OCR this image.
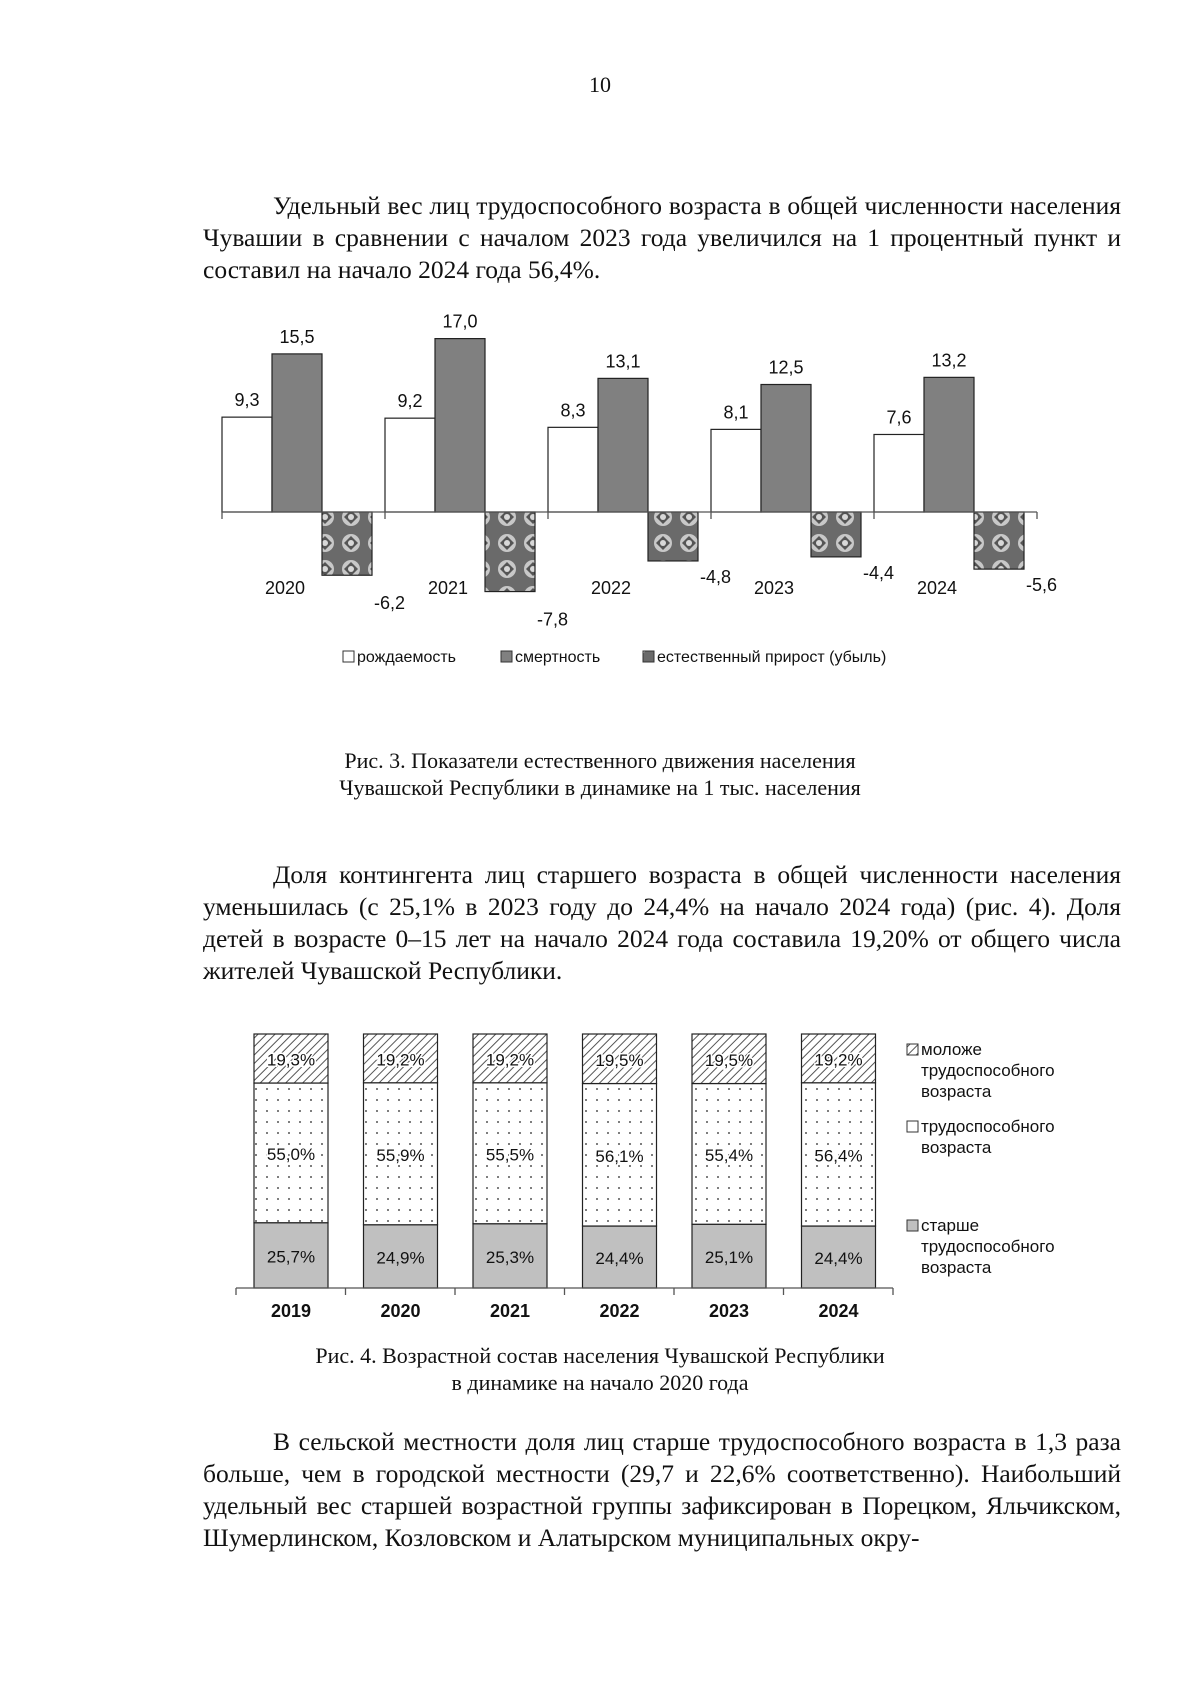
10

Удельный вес лиц трудоспособного возраста в общей численности населения Чувашии в сравнении с началом 2023 года увеличился на 1 процентный пункт и составил на начало 2024 года 56,4%.

9,3
15,5
-6,2
2020
9,2
17,0
-7,8
2021
8,3
13,1
-4,8
2022
8,1
12,5
-4,4
2023
7,6
13,2
-5,6
2024
рождаемость	смертность	естественный прирост (убыль)
Рис. 3. Показатели естественного движения населения
Чувашской Республики в динамике на 1 тыс. населения

Доля контингента лиц старшего возраста в общей численности населения уменьшилась (с 25,1% в 2023 году до 24,4% на начало 2024 года) (рис. 4). Доля детей в возрасте 0–15 лет на начало 2024 года составила 19,20% от общего числа жителей Чувашской Республики.

25,7%
55,0%
19,3%
2019
24,9%
55,9%
19,2%
2020
25,3%
55,5%
19,2%
2021
24,4%
56,1%
19,5%
2022
25,1%
55,4%
19,5%
2023
24,4%
56,4%
19,2%
2024
моложе
трудоспособного
возраста
трудоспособного
возраста
старше
трудоспособного
возраста
Рис. 4. Возрастной состав населения Чувашской Республики
в динамике на начало 2020 года

В сельской местности доля лиц старше трудоспособного возраста в 1,3 раза больше, чем в городской местности (29,7 и 22,6% соответственно). Наибольший удельный вес старшей возрастной группы зафиксирован в Порецком, Яльчикском, Шумерлинском, Козловском и Алатырском муниципальных окру-
